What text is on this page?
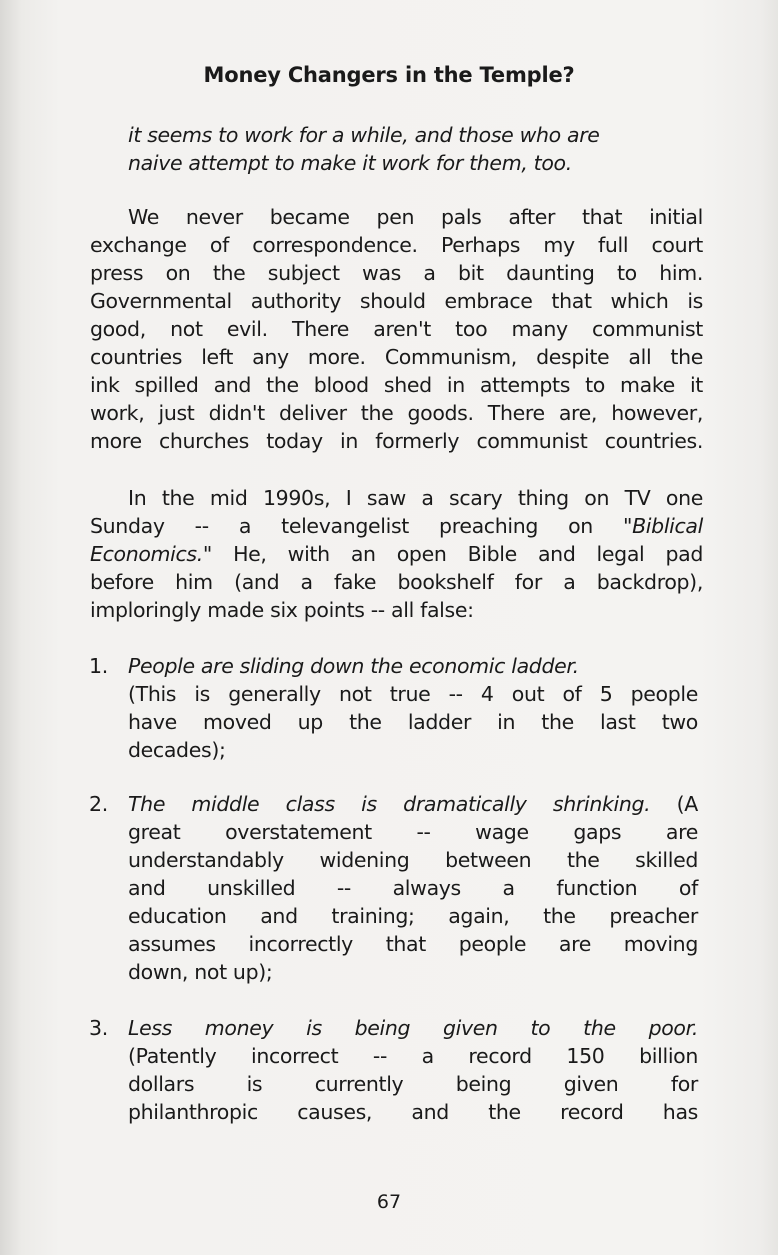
Money Changers in the Temple?
it seems to work for a while, and those who are
naive attempt to make it work for them, too.
We never became pen pals after that initial
exchange of correspondence. Perhaps my full court
press on the subject was a bit daunting to him.
Governmental authority should embrace that which is
good, not evil. There aren't too many communist
countries left any more. Communism, despite all the
ink spilled and the blood shed in attempts to make it
work, just didn't deliver the goods. There are, however,
more churches today in formerly communist countries.
In the mid 1990s, I saw a scary thing on TV one
Sunday -- a televangelist preaching on "Biblical
Economics." He, with an open Bible and legal pad
before him (and a fake bookshelf for a backdrop),
imploringly made six points -- all false:
1. People are sliding down the economic ladder.
(This is generally not true -- 4 out of 5 people
have moved up the ladder in the last two
decades);
2. The middle class is dramatically shrinking. (A
great overstatement -- wage gaps are
understandably widening between the skilled
and unskilled -- always a function of
education and training; again, the preacher
assumes incorrectly that people are moving
down, not up);
3. Less money is being given to the poor.
(Patently incorrect -- a record 150 billion
dollars is currently being given for
philanthropic causes, and the record has
67
